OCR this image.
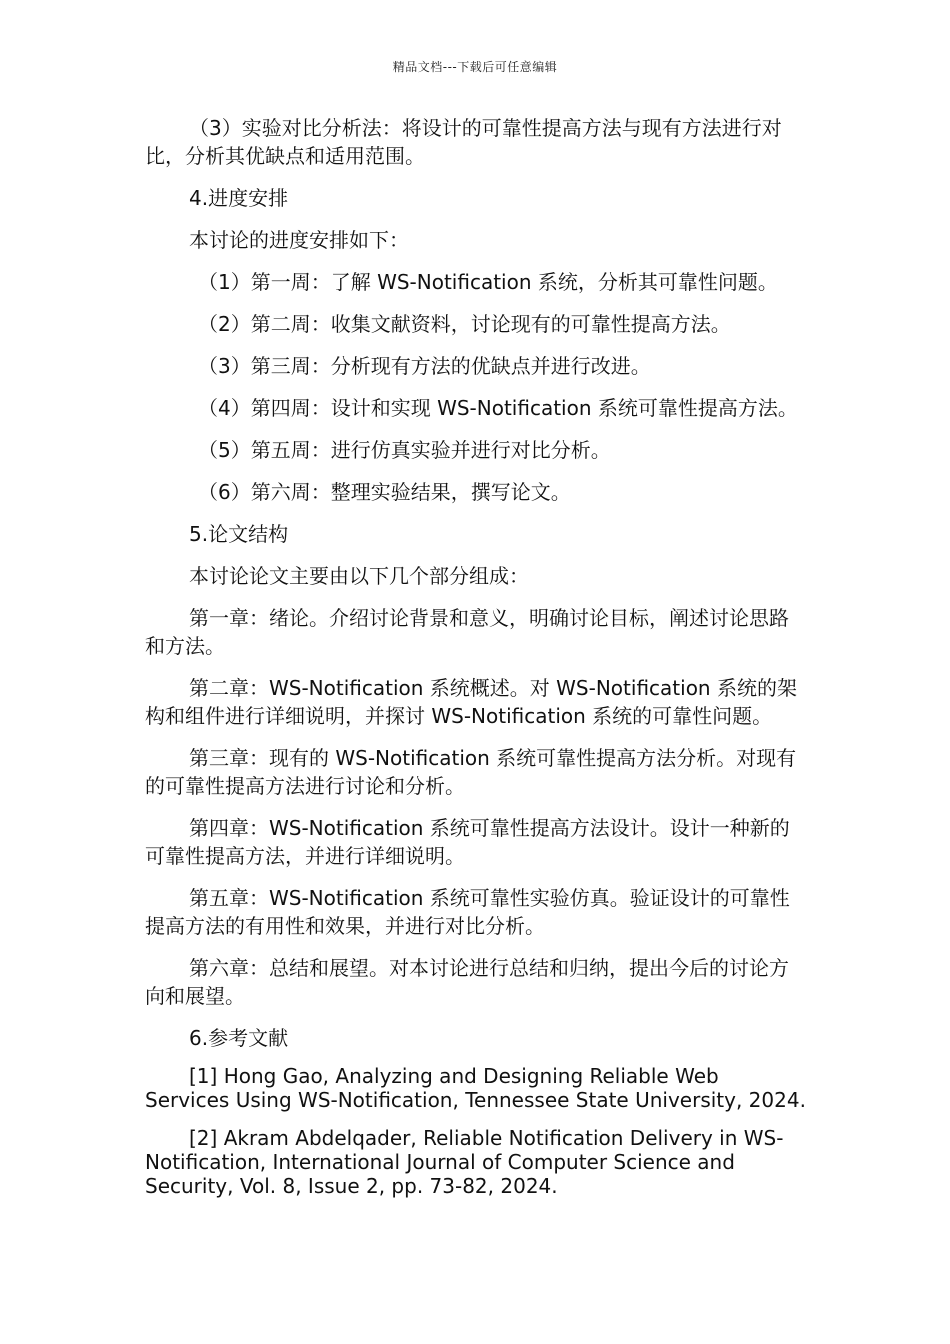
精品文档---下载后可任意编辑

（3）实验对比分析法：将设计的可靠性提高方法与现有方法进行对比，分析其优缺点和适用范围。

4.进度安排

本讨论的进度安排如下：

（1）第一周：了解 WS-Notification 系统，分析其可靠性问题。

（2）第二周：收集文献资料，讨论现有的可靠性提高方法。

（3）第三周：分析现有方法的优缺点并进行改进。

（4）第四周：设计和实现 WS-Notification 系统可靠性提高方法。

（5）第五周：进行仿真实验并进行对比分析。

（6）第六周：整理实验结果，撰写论文。

5.论文结构

本讨论论文主要由以下几个部分组成：

第一章：绪论。介绍讨论背景和意义，明确讨论目标，阐述讨论思路和方法。

第二章：WS-Notification 系统概述。对 WS-Notification 系统的架构和组件进行详细说明，并探讨 WS-Notification 系统的可靠性问题。

第三章：现有的 WS-Notification 系统可靠性提高方法分析。对现有的可靠性提高方法进行讨论和分析。

第四章：WS-Notification 系统可靠性提高方法设计。设计一种新的可靠性提高方法，并进行详细说明。

第五章：WS-Notification 系统可靠性实验仿真。验证设计的可靠性提高方法的有用性和效果，并进行对比分析。

第六章：总结和展望。对本讨论进行总结和归纳，提出今后的讨论方向和展望。

6.参考文献

[1] Hong Gao, Analyzing and Designing Reliable Web Services Using WS-Notification, Tennessee State University, 2024.

[2] Akram Abdelqader, Reliable Notification Delivery in WS-Notification, International Journal of Computer Science and Security, Vol. 8, Issue 2, pp. 73-82, 2024.
